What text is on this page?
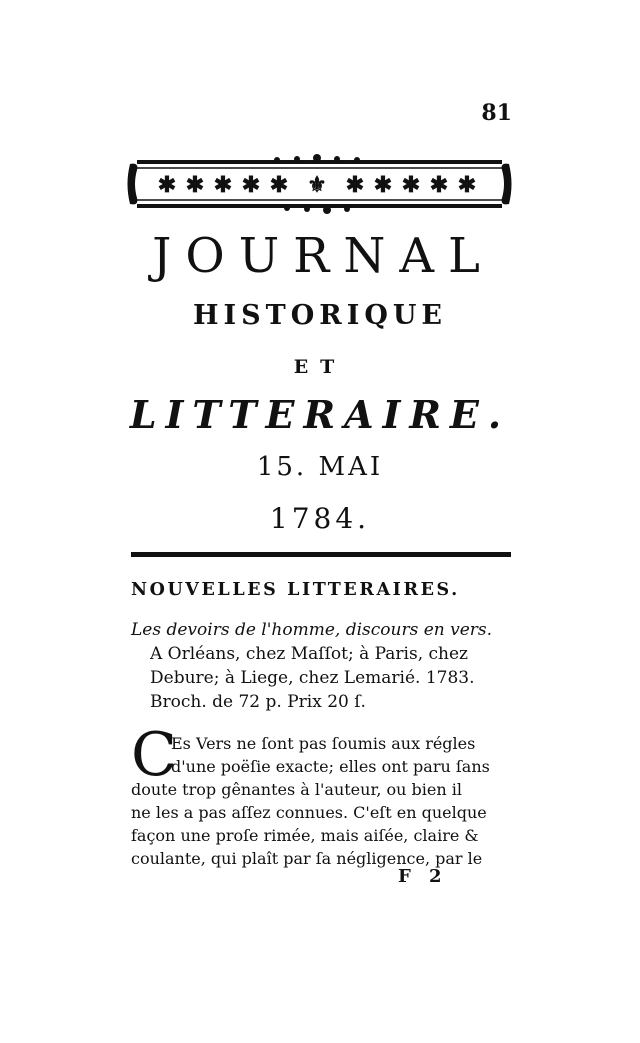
81
✱ ✱ ✱ ✱ ✱ ⚜ ✱ ✱ ✱ ✱ ✱
JOURNAL
HISTORIQUE
ET
LITTERAIRE.
15. MAI
1784.
NOUVELLES LITTERAIRES.
Les devoirs de l'homme, discours en vers.
A Orléans, chez Maſſot; à Paris, chez
Debure; à Liege, chez Lemarié. 1783.
Broch. de 72 p. Prix 20 ſ.
C
Es Vers ne ſont pas ſoumis aux régles
d'une poëſie exacte; elles ont paru ſans
doute trop gênantes à l'auteur, ou bien il
ne les a pas aſſez connues. C'eſt en quelque
façon une proſe rimée, mais aiſée, claire &
coulante, qui plaît par ſa négligence, par le
F 2
